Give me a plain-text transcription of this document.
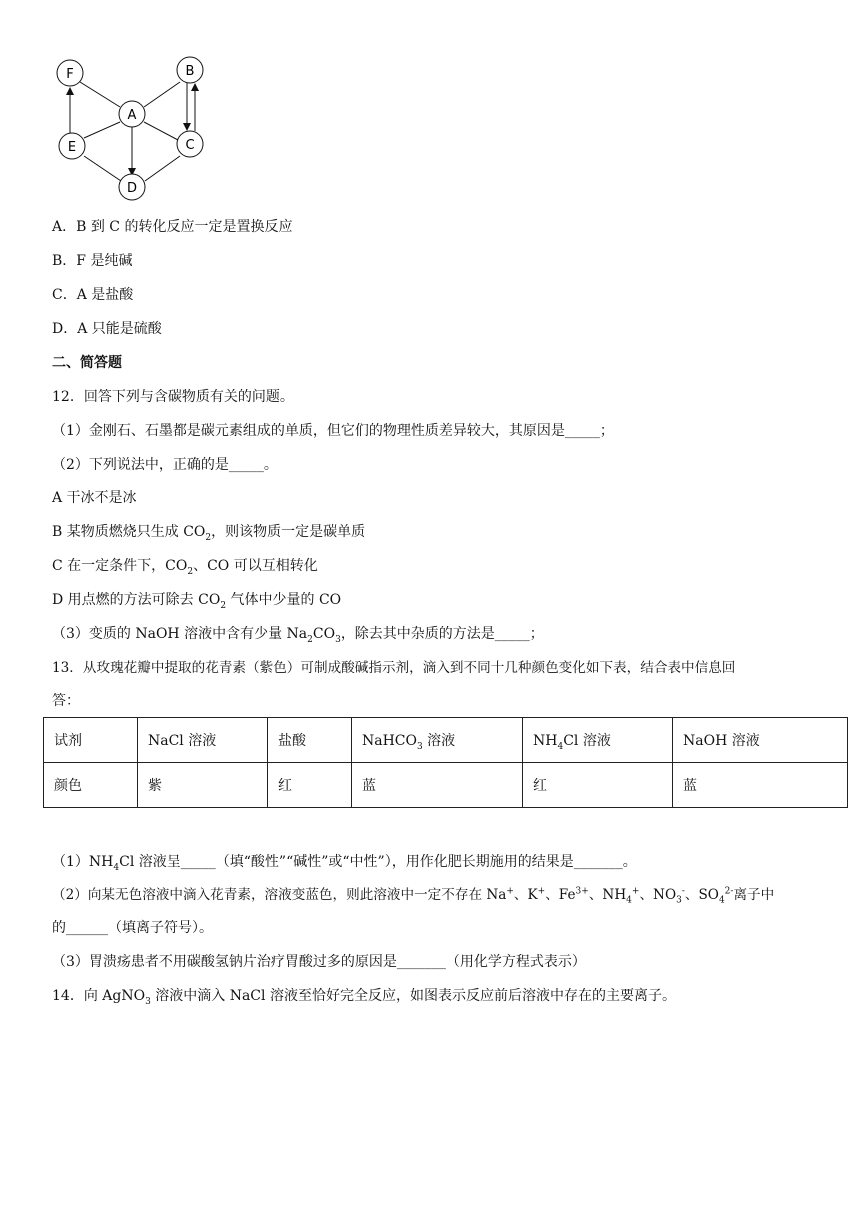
F	B
A
E	C
D
A．B 到 C 的转化反应一定是置换反应
B．F 是纯碱
C．A 是盐酸
D．A 只能是硫酸
二、简答题
12．回答下列与含碳物质有关的问题。
（1）金刚石、石墨都是碳元素组成的单质，但它们的物理性质差异较大，其原因是_____；
（2）下列说法中，正确的是_____。
A 干冰不是冰
B 某物质燃烧只生成 $CO_2$，则该物质一定是碳单质
C 在一定条件下，$CO_2$、CO 可以互相转化
D 用点燃的方法可除去 $CO_2$ 气体中少量的 CO
（3）变质的 NaOH 溶液中含有少量 $Na_2CO_3$，除去其中杂质的方法是_____；
13．从玫瑰花瓣中提取的花青素（紫色）可制成酸碱指示剂，滴入到不同十几种颜色变化如下表，结合表中信息回
答：
试剂	NaCl 溶液	盐酸	NaHCO$_3$ 溶液	$NH_4Cl$ 溶液	NaOH 溶液
颜色	紫	红	蓝	红	蓝
$(1)NH_4Cl$ 溶液呈_____（填“酸性”“碱性”或“中性”），用作化肥长期施用的结果是_______。
（2）向某无色溶液中滴入花青素，溶液变蓝色，则此溶液中一定不存在 Na+、K+、$Fe^{3+}$、$NH_4^+$、$NO_3^-$、$SO_4^{2-}$离子中
的______（填离子符号）。
（3）胃溃疡患者不用碳酸氢钠片治疗胃酸过多的原因是_______（用化学方程式表示）
14．向 AgNO$_3$ 溶液中滴入 NaCl 溶液至恰好完全反应，如图表示反应前后溶液中存在的主要离子。
